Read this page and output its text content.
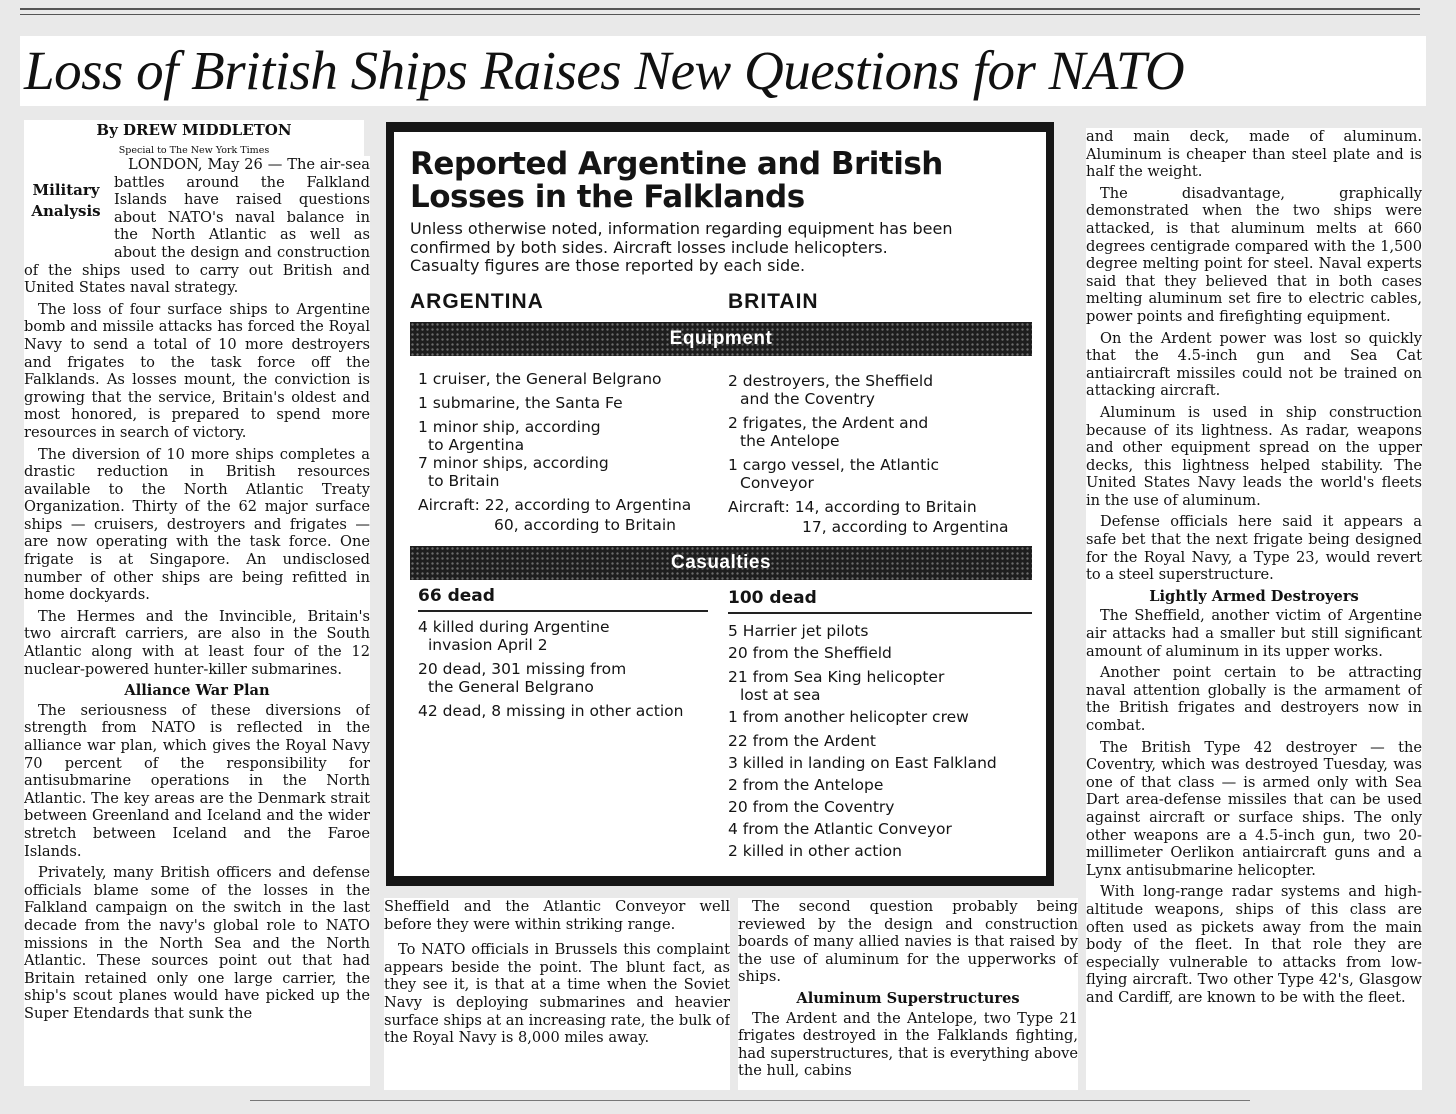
Loss of British Ships Raises New Questions for NATO
By DREW MIDDLETON
Special to The New York Times
Military
Analysis

LONDON, May 26 — The air-sea battles around the Falkland Islands have raised questions about NATO's naval balance in the North Atlantic as well as about the design and construction of the ships used to carry out British and United States naval strategy.

The loss of four surface ships to Argentine bomb and missile attacks has forced the Royal Navy to send a total of 10 more destroyers and frigates to the task force off the Falklands. As losses mount, the conviction is growing that the service, Britain's oldest and most honored, is prepared to spend more resources in search of victory.

The diversion of 10 more ships completes a drastic reduction in British resources available to the North Atlantic Treaty Organization. Thirty of the 62 major surface ships — cruisers, destroyers and frigates — are now operating with the task force. One frigate is at Singapore. An undisclosed number of other ships are being refitted in home dockyards.

The Hermes and the Invincible, Britain's two aircraft carriers, are also in the South Atlantic along with at least four of the 12 nuclear-powered hunter-killer submarines.

Alliance War Plan

The seriousness of these diversions of strength from NATO is reflected in the alliance war plan, which gives the Royal Navy 70 percent of the responsibility for antisubmarine operations in the North Atlantic. The key areas are the Denmark strait between Greenland and Iceland and the wider stretch between Iceland and the Faroe Islands.

Privately, many British officers and defense officials blame some of the losses in the Falkland campaign on the switch in the last decade from the navy's global role to NATO missions in the North Sea and the North Atlantic. These sources point out that had Britain retained only one large carrier, the ship's scout planes would have picked up the Super Etendards that sunk the

Reported Argentine and British
Losses in the Falklands
Unless otherwise noted, information regarding equipment has been
confirmed by both sides. Aircraft losses include helicopters.
Casualty figures are those reported by each side.
ARGENTINA	BRITAIN
Equipment
1 cruiser, the General Belgrano
1 submarine, the Santa Fe
1 minor ship, according
to Argentina
7 minor ships, according
to Britain
Aircraft: 22, according to Argentina
60, according to Britain
2 destroyers, the Sheffield
and the Coventry
2 frigates, the Ardent and
the Antelope
1 cargo vessel, the Atlantic
Conveyor
Aircraft: 14, according to Britain
17, according to Argentina
Casualties
66 dead	100 dead
4 killed during Argentine
invasion April 2
20 dead, 301 missing from
the General Belgrano
42 dead, 8 missing in other action
5 Harrier jet pilots
20 from the Sheffield
21 from Sea King helicopter
lost at sea
1 from another helicopter crew
22 from the Ardent
3 killed in landing on East Falkland
2 from the Antelope
20 from the Coventry
4 from the Atlantic Conveyor
2 killed in other action

Sheffield and the Atlantic Conveyor well before they were within striking range.

To NATO officials in Brussels this complaint appears beside the point. The blunt fact, as they see it, is that at a time when the Soviet Navy is deploying submarines and heavier surface ships at an increasing rate, the bulk of the Royal Navy is 8,000 miles away.

The second question probably being reviewed by the design and construction boards of many allied navies is that raised by the use of aluminum for the upperworks of ships.

Aluminum Superstructures

The Ardent and the Antelope, two Type 21 frigates destroyed in the Falklands fighting, had superstructures, that is everything above the hull, cabins

and main deck, made of aluminum. Aluminum is cheaper than steel plate and is half the weight.

The disadvantage, graphically demonstrated when the two ships were attacked, is that aluminum melts at 660 degrees centigrade compared with the 1,500 degree melting point for steel. Naval experts said that they believed that in both cases melting aluminum set fire to electric cables, power points and firefighting equipment.

On the Ardent power was lost so quickly that the 4.5-inch gun and Sea Cat antiaircraft missiles could not be trained on attacking aircraft.

Aluminum is used in ship construction because of its lightness. As radar, weapons and other equipment spread on the upper decks, this lightness helped stability. The United States Navy leads the world's fleets in the use of aluminum.

Defense officials here said it appears a safe bet that the next frigate being designed for the Royal Navy, a Type 23, would revert to a steel superstructure.

Lightly Armed Destroyers

The Sheffield, another victim of Argentine air attacks had a smaller but still significant amount of aluminum in its upper works.

Another point certain to be attracting naval attention globally is the armament of the British frigates and destroyers now in combat.

The British Type 42 destroyer — the Coventry, which was destroyed Tuesday, was one of that class — is armed only with Sea Dart area-defense missiles that can be used against aircraft or surface ships. The only other weapons are a 4.5-inch gun, two 20-millimeter Oerlikon antiaircraft guns and a Lynx antisubmarine helicopter.

With long-range radar systems and high-altitude weapons, ships of this class are often used as pickets away from the main body of the fleet. In that role they are especially vulnerable to attacks from low-flying aircraft. Two other Type 42's, Glasgow and Cardiff, are known to be with the fleet.
